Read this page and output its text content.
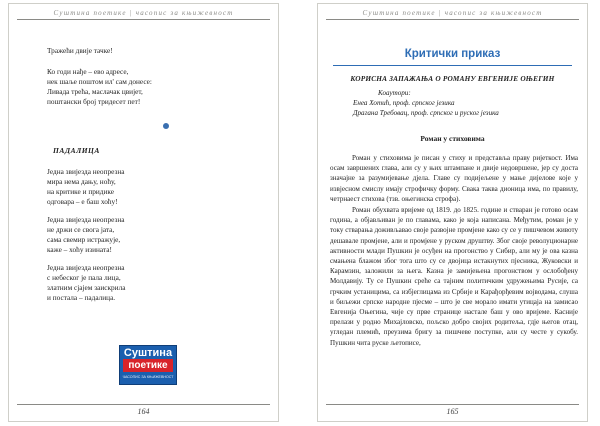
Суштина поетике | часопис за књижевност
Тражећи двије тачке!
Ко годи нађе – ево адресе,
нек шаље поштом ил' сам донесе:
Ливада трећа, маслачак цвијет,
поштански број тридесет пет!
ПАДАЛИЦА
Једна звијезда неопрезна
мира нема дању, ноћу,
на критике и придике
одговара – е баш хоћу!
Једна звијезда неопрезна
не држи се свога јата,
сама свемир истражује,
каже – хоћу изината!
Једна звијезда неопрезна
с небеског је пала лица,
златним сјајем заискрила
и постала – падалица.
Суштина
поетике
ЧАСОПИС ЗА КЊИЖЕВНОСТ
164
Суштина поетике | часопис за књижевност
Критички приказ
КОРИСНА ЗАПАЖАЊА О РОМАНУ ЕВГЕНИЈЕ ОЊЕГИН
Коаутори:
Енеа Хотић, проф. српског језика
Драгана Требовац, проф. српског и руског језика
Роман у стиховима

Роман у стиховима је писан у стиху и представља праву ријеткост. Има осам завршених глава, али су у њих штампане и двије недовршене, јер су доста значајне за разумијевање дјела. Главе су подијељене у мање дијелове које у извјесном смислу имају строфичку форму. Свака таква дионица има, по правилу, четрнаест стихова (тзв. оњегинска строфа).

Роман обухвата вријеме од 1819. до 1825. године и стваран је готово осам година, а објављиван је по главама, како је која написана. Међутим, роман је у току стварања доживљавао своје развојне промјене како су се у пишчевом животу дешавале промјене, али и промјене у руском друштву. Због своје револуционарне активности млади Пушкин је осуђен на прогонство у Сибир, али му је ова казна смањена блажом због тога што су се двојица истакнутих пјесника, Жуковски и Карамзин, заложили за њега. Казна је замијењена прогонством у ослобођену Молдавију. Ту се Пушкин среће са тајним политичким удружењима Русије, са грчким устаницима, са избјеглицама из Србије и Карађорђевим војводама, слуша и биљежи српске народне пјесме – што је све морало имати утицаја на замисао Евгенија Оњегина, чије су прве странице настале баш у ово вријеме. Касније прелази у родно Михајловско, пољско добро својих родитеља, гдје његов отац, угледан племић, преузима бригу за пишчеве поступке, али су честе у сукобу. Пушкин чита руске љетописе,

165
